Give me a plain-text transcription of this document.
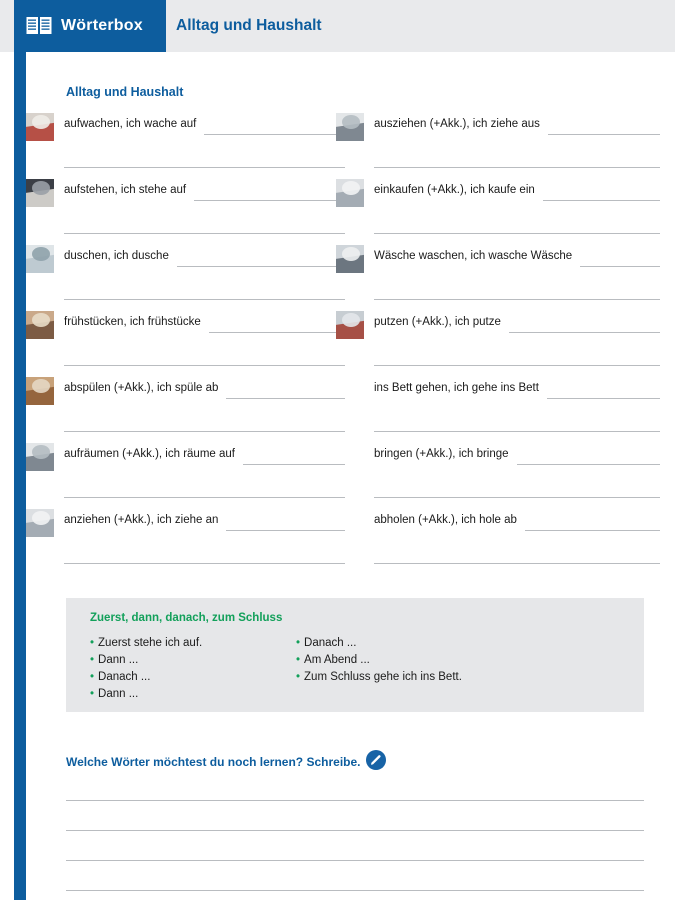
Wörterbox Alltag und Haushalt
Alltag und Haushalt
aufwachen, ich wache auf
aufstehen, ich stehe auf
duschen, ich dusche
frühstücken, ich frühstücke
abspülen (+Akk.), ich spüle ab
aufräumen (+Akk.), ich räume auf
anziehen (+Akk.), ich ziehe an
ausziehen (+Akk.), ich ziehe aus
einkaufen (+Akk.), ich kaufe ein
Wäsche waschen, ich wasche Wäsche
putzen (+Akk.), ich putze
ins Bett gehen, ich gehe ins Bett
bringen (+Akk.), ich bringe
abholen (+Akk.), ich hole ab
Zuerst, dann, danach, zum Schluss
• Zuerst stehe ich auf.
• Dann ...
• Danach ...
• Dann ...
• Danach ...
• Am Abend ...
• Zum Schluss gehe ich ins Bett.
Welche Wörter möchtest du noch lernen? Schreibe.
